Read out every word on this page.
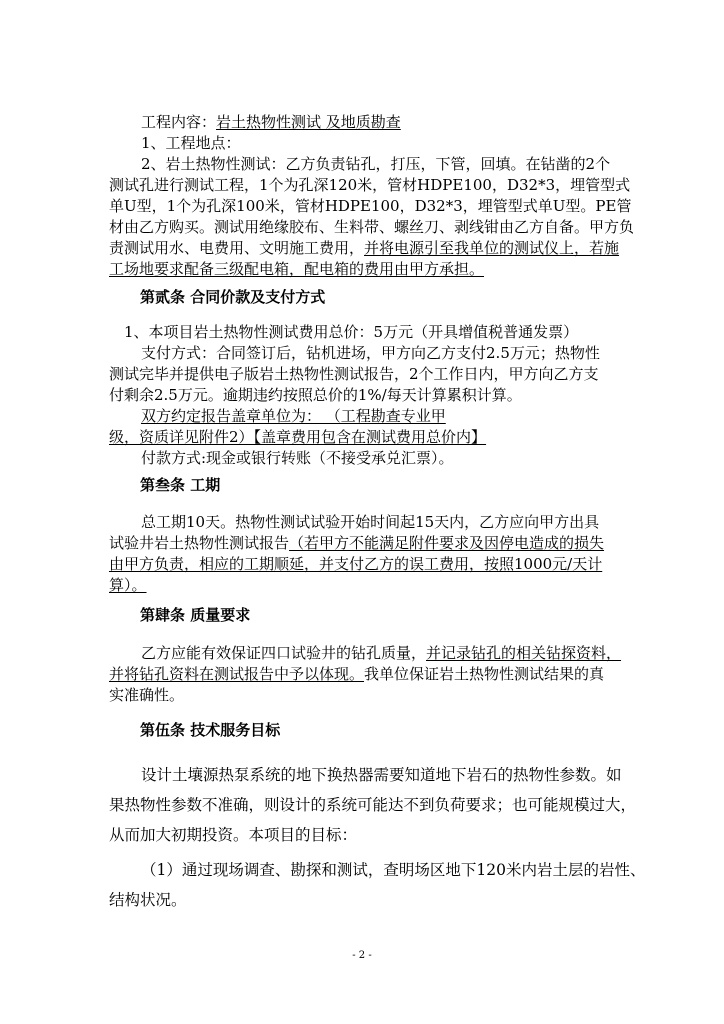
工程内容：岩土热物性测试 及地质勘查
1、工程地点：
2、岩土热物性测试：乙方负责钻孔，打压，下管，回填。在钻凿的2个
测试孔进行测试工程，1个为孔深120米，管材HDPE100，D32*3，埋管型式
单U型，1个为孔深100米，管材HDPE100，D32*3，埋管型式单U型。PE管
材由乙方购买。测试用绝缘胶布、生料带、螺丝刀、剥线钳由乙方自备。甲方负
责测试用水、电费用、文明施工费用，并将电源引至我单位的测试仪上，若施
工场地要求配备三级配电箱，配电箱的费用由甲方承担。
第贰条 合同价款及支付方式
1、本项目岩土热物性测试费用总价：5万元（开具增值税普通发票）
支付方式：合同签订后，钻机进场，甲方向乙方支付2.5万元；热物性
测试完毕并提供电子版岩土热物性测试报告，2个工作日内，甲方向乙方支
付剩余2.5万元。逾期违约按照总价的1%/每天计算累积计算。
双方约定报告盖章单位为： （工程勘查专业甲
级，资质详见附件2）【盖章费用包含在测试费用总价内】
付款方式:现金或银行转账（不接受承兑汇票）。
第叁条 工期
总工期10天。热物性测试试验开始时间起15天内，乙方应向甲方出具
试验井岩土热物性测试报告（若甲方不能满足附件要求及因停电造成的损失
由甲方负责，相应的工期顺延，并支付乙方的误工费用，按照1000元/天计
算）。
第肆条 质量要求
乙方应能有效保证四口试验井的钻孔质量，并记录钻孔的相关钻探资料，
并将钻孔资料在测试报告中予以体现。我单位保证岩土热物性测试结果的真
实准确性。
第伍条 技术服务目标
设计土壤源热泵系统的地下换热器需要知道地下岩石的热物性参数。如
果热物性参数不准确，则设计的系统可能达不到负荷要求；也可能规模过大，
从而加大初期投资。本项目的目标：
（1）通过现场调查、勘探和测试，查明场区地下120米内岩土层的岩性、
结构状况。
- 2 -
